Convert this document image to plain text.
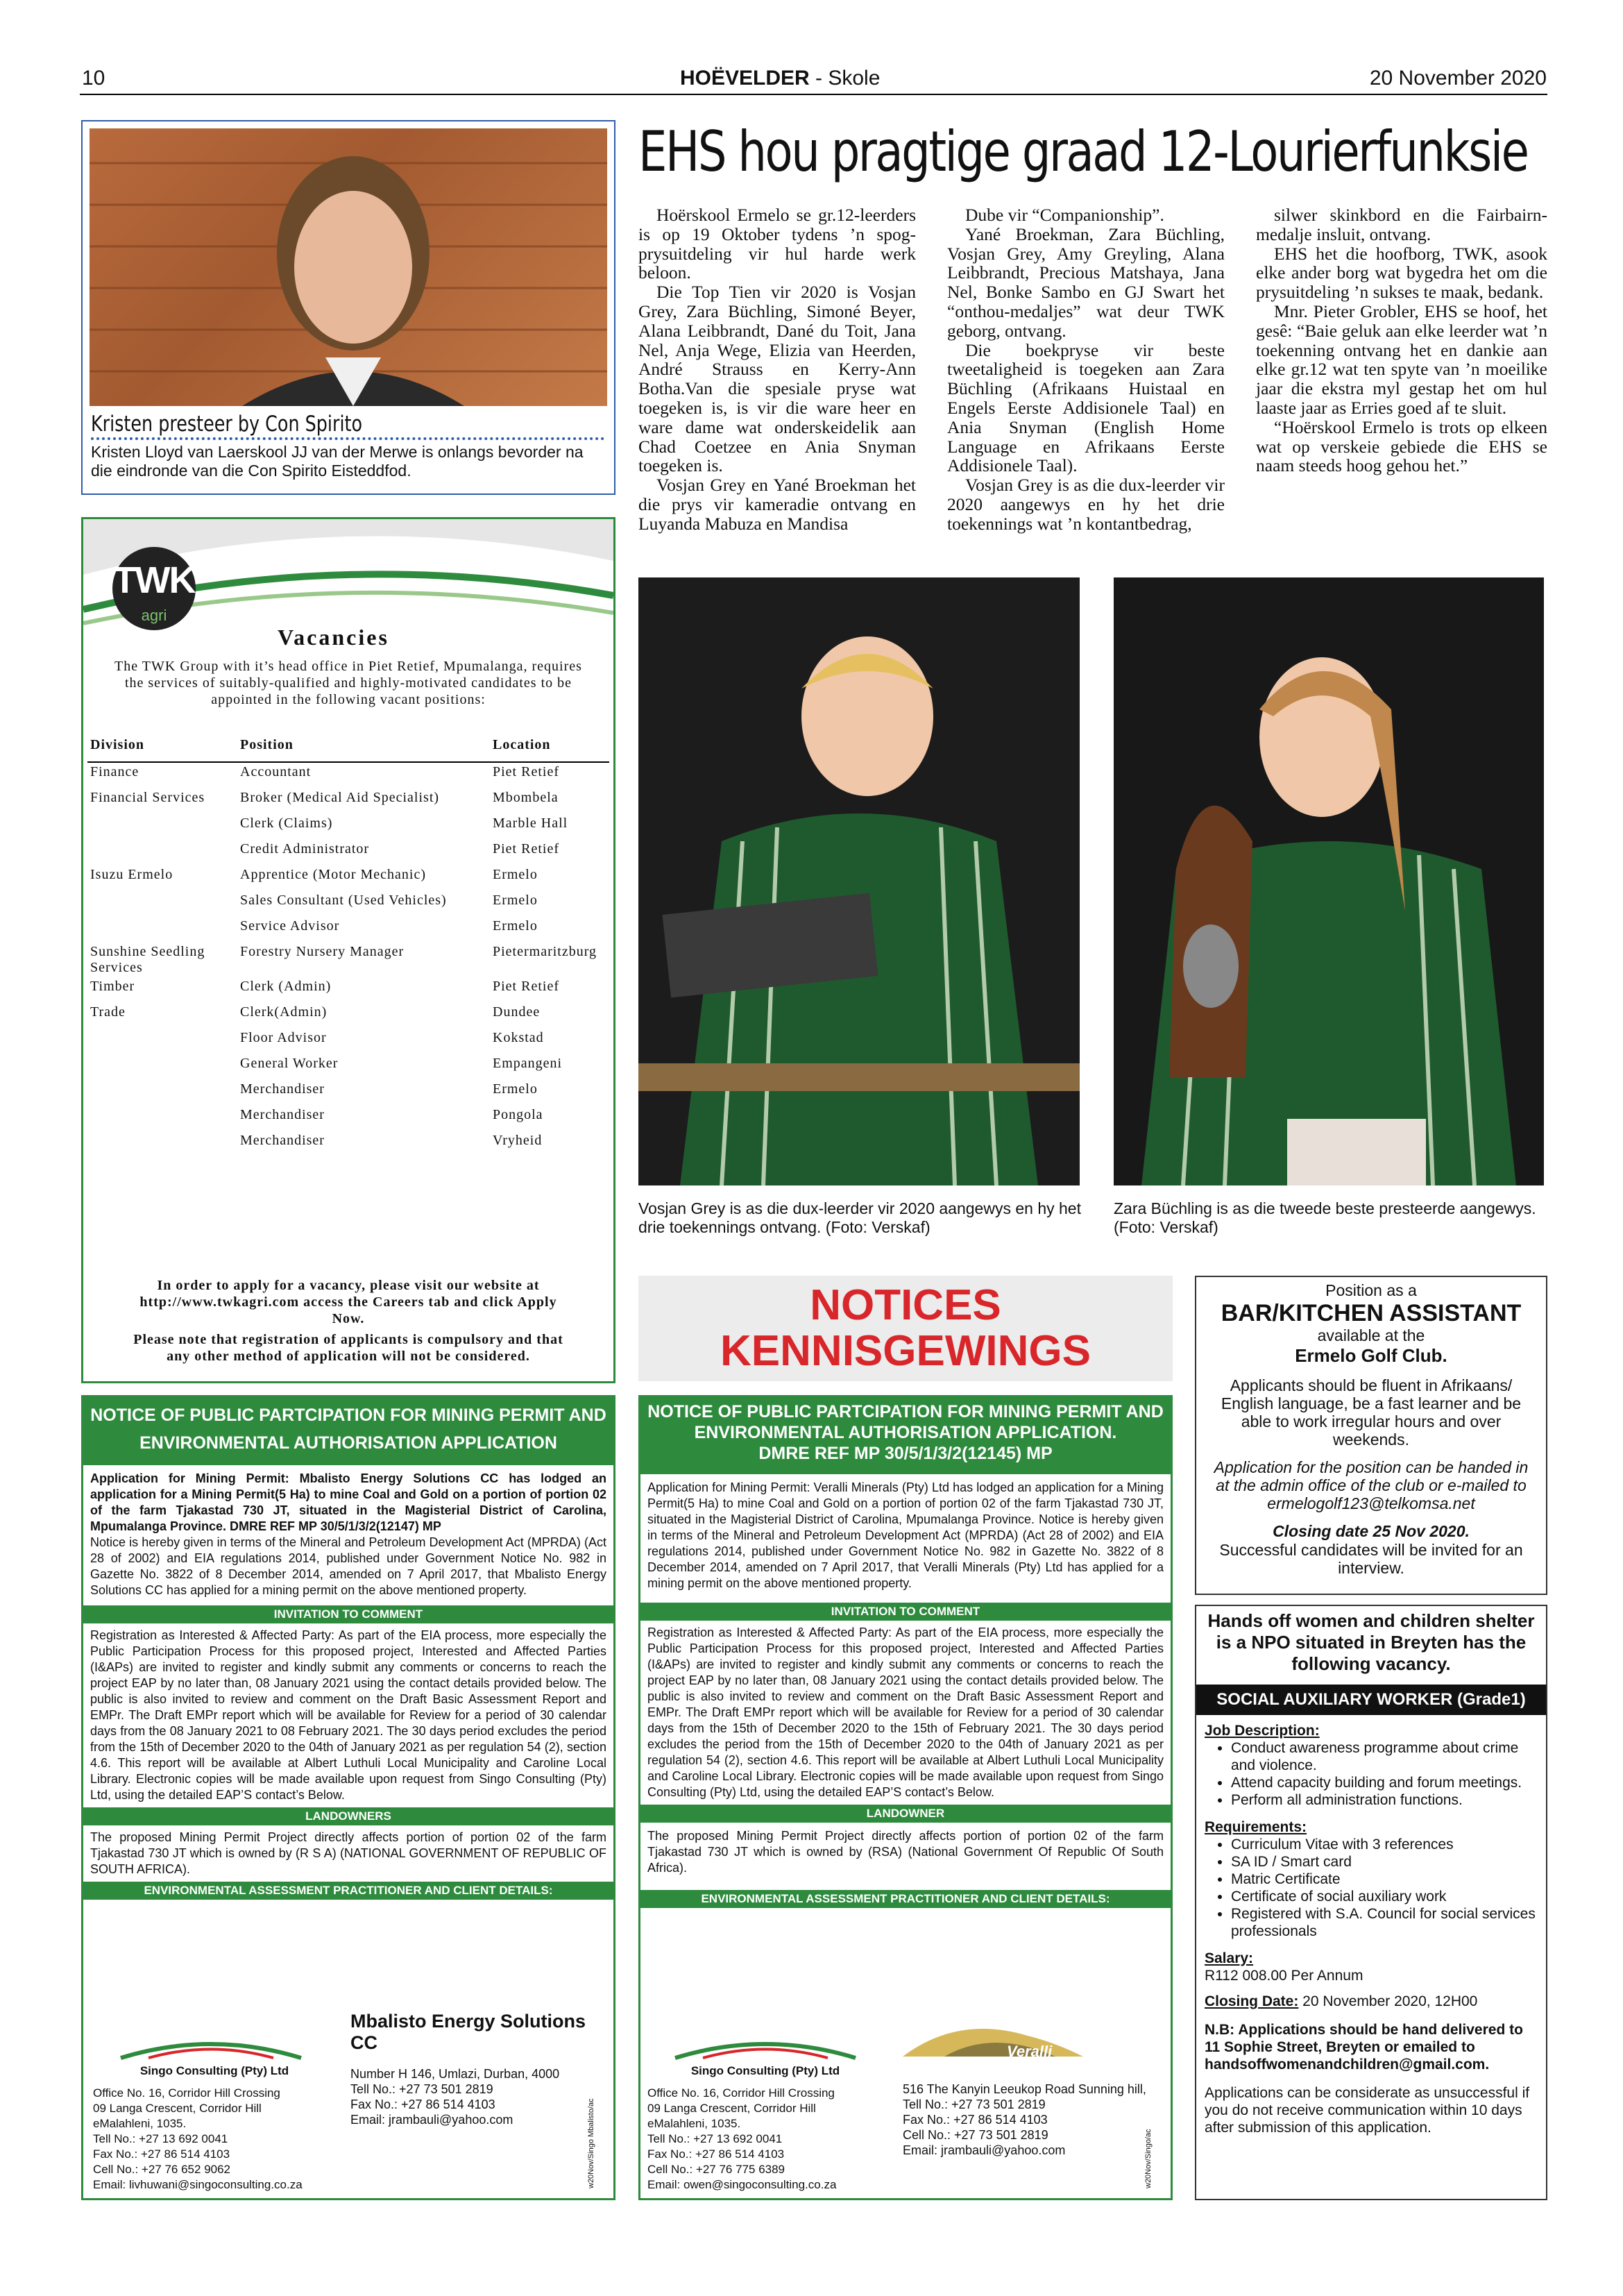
10	HOËVELDER - Skole	20 November 2020
Kristen presteer by Con Spirito
Kristen Lloyd van Laerskool JJ van der Merwe is onlangs bevorder na die eindronde van die Con Spirito Eisteddfod.
EHS hou pragtige graad 12-Lourierfunksie

Hoërskool Ermelo se gr.12-leerders is op 19 Oktober tydens ’n spog-prysuitdeling vir hul harde werk beloon.

Die Top Tien vir 2020 is Vosjan Grey, Zara Büchling, Simoné Beyer, Alana Leibbrandt, Dané du Toit, Jana Nel, Anja Wege, Elizia van Heerden, André Strauss en Kerry-Ann Botha.Van die spesiale pryse wat toegeken is, is vir die ware heer en ware dame wat onderskeidelik aan Chad Coetzee en Ania Snyman toegeken is.

Vosjan Grey en Yané Broekman het die prys vir kameradie ontvang en Luyanda Mabuza en Mandisa

Dube vir “Companionship”.

Yané Broekman, Zara Büchling, Vosjan Grey, Amy Greyling, Alana Leibbrandt, Precious Matshaya, Jana Nel, Bonke Sambo en GJ Swart het “onthou-medaljes” wat deur TWK geborg, ontvang.

Die boekpryse vir beste tweetaligheid is toegeken aan Zara Büchling (Afrikaans Huistaal en Engels Eerste Addisionele Taal) en Ania Snyman (English Home Language en Afrikaans Eerste Addisionele Taal).

Vosjan Grey is as die dux-leerder vir 2020 aangewys en hy het drie toekennings wat ’n kontantbedrag,

silwer skinkbord en die Fairbairn-medalje insluit, ontvang.

EHS het die hoofborg, TWK, asook elke ander borg wat bygedra het om die prysuitdeling ’n sukses te maak, bedank.

Mnr. Pieter Grobler, EHS se hoof, het gesê: “Baie geluk aan elke leerder wat ’n toekenning ontvang het en dankie aan elke gr.12 wat ten spyte van ’n moeilike jaar die ekstra myl gestap het om hul laaste jaar as Erries goed af te sluit.

“Hoërskool Ermelo is trots op elkeen wat op verskeie gebiede die EHS se naam steeds hoog gehou het.”

Vosjan Grey is as die dux-leerder vir 2020 aangewys en hy het drie toekennings ontvang. (Foto: Verskaf)
Zara Büchling is as die tweede beste presteerde aangewys. (Foto: Verskaf)
TWK
agri
Vacancies
The TWK Group with it’s head office in Piet Retief, Mpumalanga, requires the services of suitably-qualified and highly-motivated candidates to be appointed in the following vacant positions:
Division	Position	Location
Finance	Accountant	Piet Retief
Financial Services	Broker (Medical Aid Specialist)	Mbombela
	Clerk (Claims)	Marble Hall
	Credit Administrator	Piet Retief
Isuzu Ermelo	Apprentice (Motor Mechanic)	Ermelo
	Sales Consultant (Used Vehicles)	Ermelo
	Service Advisor	Ermelo
Sunshine Seedling Services	Forestry Nursery Manager	Pietermaritzburg
Timber	Clerk (Admin)	Piet Retief
Trade	Clerk(Admin)	Dundee
	Floor Advisor	Kokstad
	General Worker	Empangeni
	Merchandiser	Ermelo
	Merchandiser	Pongola
	Merchandiser	Vryheid
In order to apply for a vacancy, please visit our website at http://www.twkagri.com access the Careers tab and click Apply Now.
Please note that registration of applicants is compulsory and that any other method of application will not be considered.
NOTICES
KENNISGEWINGS
NOTICE OF PUBLIC PARTCIPATION FOR MINING PERMIT AND ENVIRONMENTAL AUTHORISATION APPLICATION
Application for Mining Permit: Mbalisto Energy Solutions CC has lodged an application for a Mining Permit(5 Ha) to mine Coal and Gold on a portion of portion 02 of the farm Tjakastad 730 JT, situated in the Magisterial District of Carolina, Mpumalanga Province. DMRE REF MP 30/5/1/3/2(12147) MP
Notice is hereby given in terms of the Mineral and Petroleum Development Act (MPRDA) (Act 28 of 2002) and EIA regulations 2014, published under Government Notice No. 982 in Gazette No. 3822 of 8 December 2014, amended on 7 April 2017, that Mbalisto Energy Solutions CC has applied for a mining permit on the above mentioned property.
INVITATION TO COMMENT
Registration as Interested & Affected Party: As part of the EIA process, more especially the Public Participation Process for this proposed project, Interested and Affected Parties (I&APs) are invited to register and kindly submit any comments or concerns to reach the project EAP by no later than, 08 January 2021 using the contact details provided below. The public is also invited to review and comment on the Draft Basic Assessment Report and EMPr. The Draft EMPr report which will be available for Review for a period of 30 calendar days from the 08 January 2021 to 08 February 2021. The 30 days period excludes the period from the 15th of December 2020 to the 04th of January 2021 as per regulation 54 (2), section 4.6. This report will be available at Albert Luthuli Local Municipality and Caroline Local Library. Electronic copies will be made available upon request from Singo Consulting (Pty) Ltd, using the detailed EAP’S contact’s Below.
LANDOWNERS
The proposed Mining Permit Project directly affects portion of portion 02 of the farm Tjakastad 730 JT which is owned by (R S A) (NATIONAL GOVERNMENT OF REPUBLIC OF SOUTH AFRICA).
ENVIRONMENTAL ASSESSMENT PRACTITIONER AND CLIENT DETAILS:
Singo Consulting (Pty) Ltd
Office No. 16, Corridor Hill Crossing
09 Langa Crescent, Corridor Hill
eMalahleni, 1035.
Tell No.: +27 13 692 0041
Fax No.: +27 86 514 4103
Cell No.: +27 76 652 9062
Email: livhuwani@singoconsulting.co.za
Mbalisto Energy Solutions CC
Number H 146, Umlazi, Durban, 4000
Tell No.: +27 73 501 2819
Fax No.: +27 86 514 4103
Email: jrambauli@yahoo.com	w20Nov/Singo Mbalisto/ac
NOTICE OF PUBLIC PARTCIPATION FOR MINING PERMIT AND ENVIRONMENTAL AUTHORISATION APPLICATION.
DMRE REF MP 30/5/1/3/2(12145) MP
Application for Mining Permit: Veralli Minerals (Pty) Ltd has lodged an application for a Mining Permit(5 Ha) to mine Coal and Gold on a portion of portion 02 of the farm Tjakastad 730 JT, situated in the Magisterial District of Carolina, Mpumalanga Province. Notice is hereby given in terms of the Mineral and Petroleum Development Act (MPRDA) (Act 28 of 2002) and EIA regulations 2014, published under Government Notice No. 982 in Gazette No. 3822 of 8 December 2014, amended on 7 April 2017, that Veralli Minerals (Pty) Ltd has applied for a mining permit on the above mentioned property.
INVITATION TO COMMENT
Registration as Interested & Affected Party: As part of the EIA process, more especially the Public Participation Process for this proposed project, Interested and Affected Parties (I&APs) are invited to register and kindly submit any comments or concerns to reach the project EAP by no later than, 08 January 2021 using the contact details provided below. The public is also invited to review and comment on the Draft Basic Assessment Report and EMPr. The Draft EMPr report which will be available for Review for a period of 30 calendar days from the 15th of December 2020 to the 15th of February 2021. The 30 days period excludes the period from the 15th of December 2020 to the 04th of January 2021 as per regulation 54 (2), section 4.6. This report will be available at Albert Luthuli Local Municipality and Caroline Local Library. Electronic copies will be made available upon request from Singo Consulting (Pty) Ltd, using the detailed EAP’S contact’s Below.
LANDOWNER
The proposed Mining Permit Project directly affects portion of portion 02 of the farm Tjakastad 730 JT which is owned by (RSA) (National Government Of Republic Of South Africa).
ENVIRONMENTAL ASSESSMENT PRACTITIONER AND CLIENT DETAILS:
Singo Consulting (Pty) Ltd
Office No. 16, Corridor Hill Crossing
09 Langa Crescent, Corridor Hill
eMalahleni, 1035.
Tell No.: +27 13 692 0041
Fax No.: +27 86 514 4103
Cell No.: +27 76 775 6389
Email: owen@singoconsulting.co.za
Veralli
516 The Kanyin Leeukop Road Sunning hill,
Tell No.: +27 73 501 2819
Fax No.: +27 86 514 4103
Cell No.: +27 73 501 2819
Email: jrambauli@yahoo.com	w20Nov/Singo/ac
Position as a
BAR/KITCHEN ASSISTANT
available at the
Ermelo Golf Club.
Applicants should be fluent in Afrikaans/ English language, be a fast learner and be able to work irregular hours and over weekends.
Application for the position can be handed in at the admin office of the club or e-mailed to ermelogolf123@telkomsa.net
Closing date 25 Nov 2020.
Successful candidates will be invited for an interview.
Hands off women and children shelter is a NPO situated in Breyten has the following vacancy.
SOCIAL AUXILIARY WORKER (Grade1)
Job Description:
• Conduct awareness programme about crime and violence.
• Attend capacity building and forum meetings.
• Perform all administration functions.
Requirements:
• Curriculum Vitae with 3 references
• SA ID / Smart card
• Matric Certificate
• Certificate of social auxiliary work
• Registered with S.A. Council for social services professionals
Salary:
R112 008.00 Per Annum
Closing Date: 20 November 2020, 12H00
N.B: Applications should be hand delivered to 11 Sophie Street, Breyten or emailed to handsoffwomenandchildren@gmail.com.
Applications can be considerate as unsuccessful if you do not receive communication within 10 days after submission of this application.
